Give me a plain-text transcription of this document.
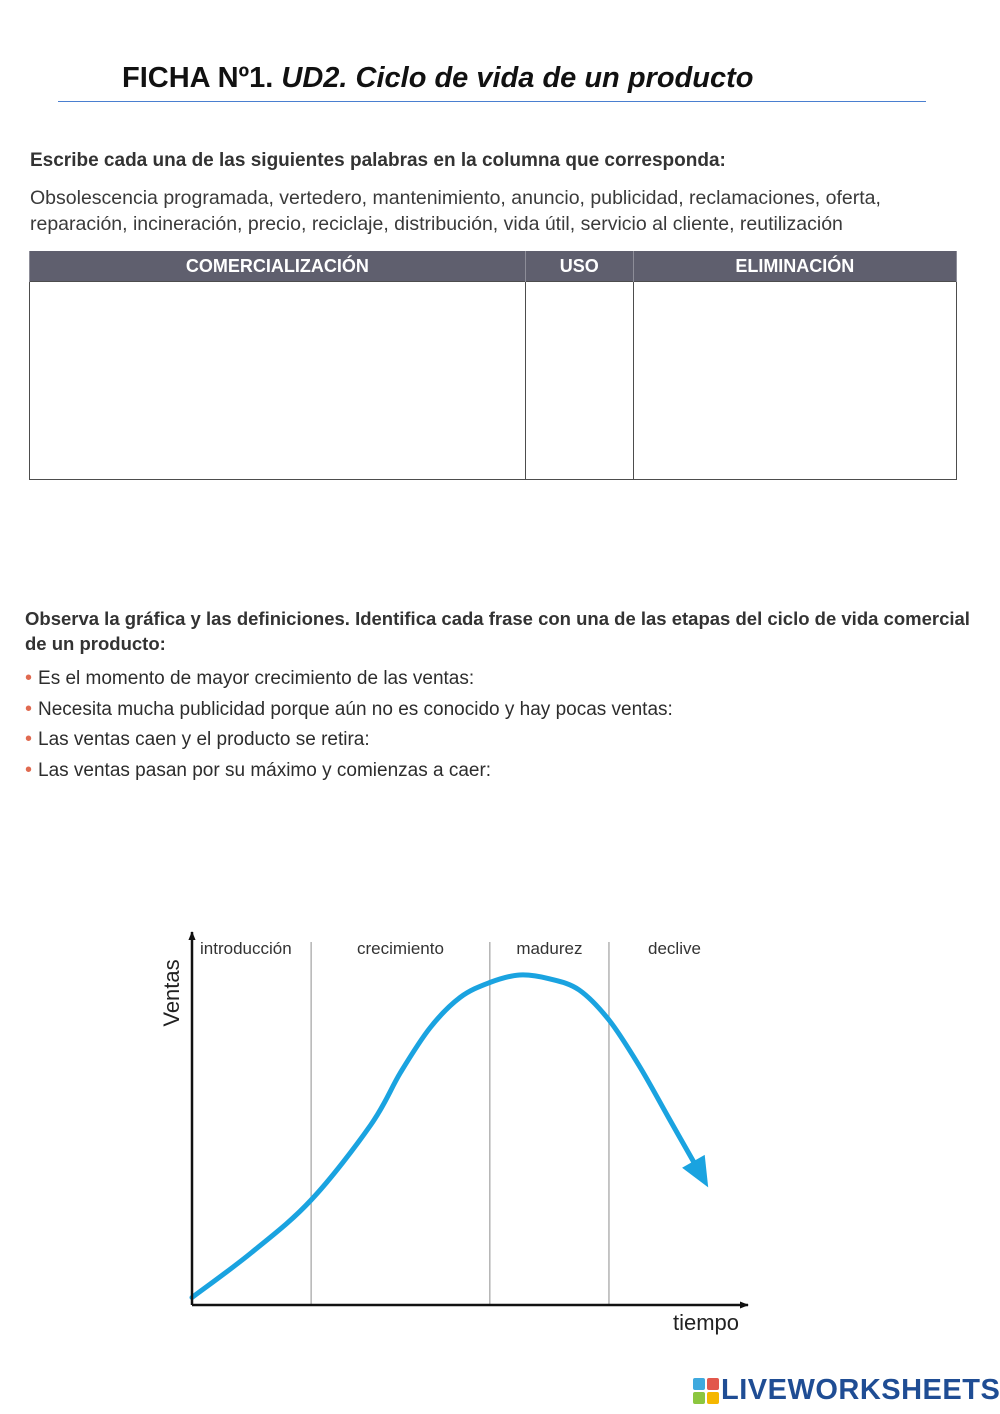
FICHA Nº1. UD2. Ciclo de vida de un producto
Escribe cada una de las siguientes palabras en la columna que corresponda:
Obsolescencia programada, vertedero, mantenimiento, anuncio, publicidad, reclamaciones, oferta, reparación, incineración, precio, reciclaje, distribución, vida útil, servicio al cliente, reutilización
COMERCIALIZACIÓN	USO	ELIMINACIÓN

Observa la gráfica y las definiciones. Identifica cada frase con una de las etapas del ciclo de vida comercial de un producto:
• Es el momento de mayor crecimiento de las ventas:
• Necesita mucha publicidad porque aún no es conocido y hay pocas ventas:
• Las ventas caen y el producto se retira:
• Las ventas pasan por su máximo y comienzas a caer:
Ventas
tiempo
introducción	crecimiento	madurez	declive
LIVEWORKSHEETS
